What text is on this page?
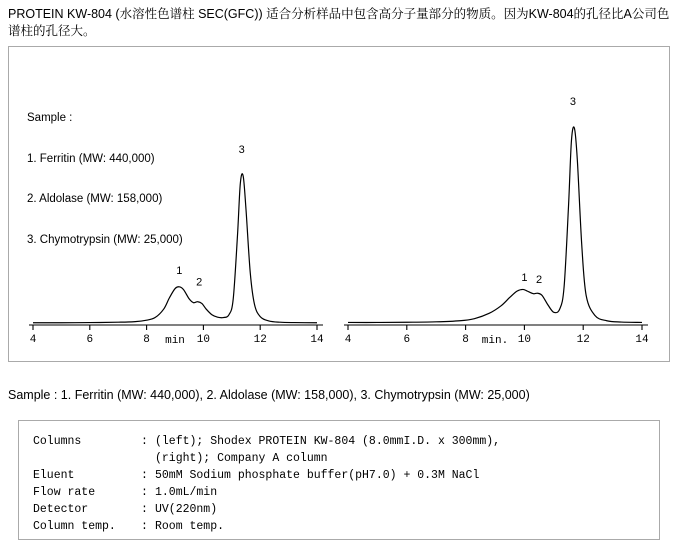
PROTEIN KW-804 (水溶性色谱柱 SEC(GFC)) 适合分析样品中包含高分子量部分的物质。因为KW-804的孔径比A公司色谱柱的孔径大。

Sample :

1. Ferritin (MW: 440,000)

2. Aldolase (MW: 158,000)

3. Chymotrypsin (MW: 25,000)

4	6	8	10	12	14
min
1
2
3
4	6	8	10	12	14
min.
1 2
3
Sample : 1. Ferritin (MW: 440,000), 2. Aldolase (MW: 158,000), 3. Chymotrypsin (MW: 25,000)
Columns	:	(left); Shodex PROTEIN KW-804 (8.0mmI.D. x 300mm),
		(right); Company A column
Eluent	:	50mM Sodium phosphate buffer(pH7.0) + 0.3M NaCl
Flow rate	:	1.0mL/min
Detector	:	UV(220nm)
Column temp.	:	Room temp.
